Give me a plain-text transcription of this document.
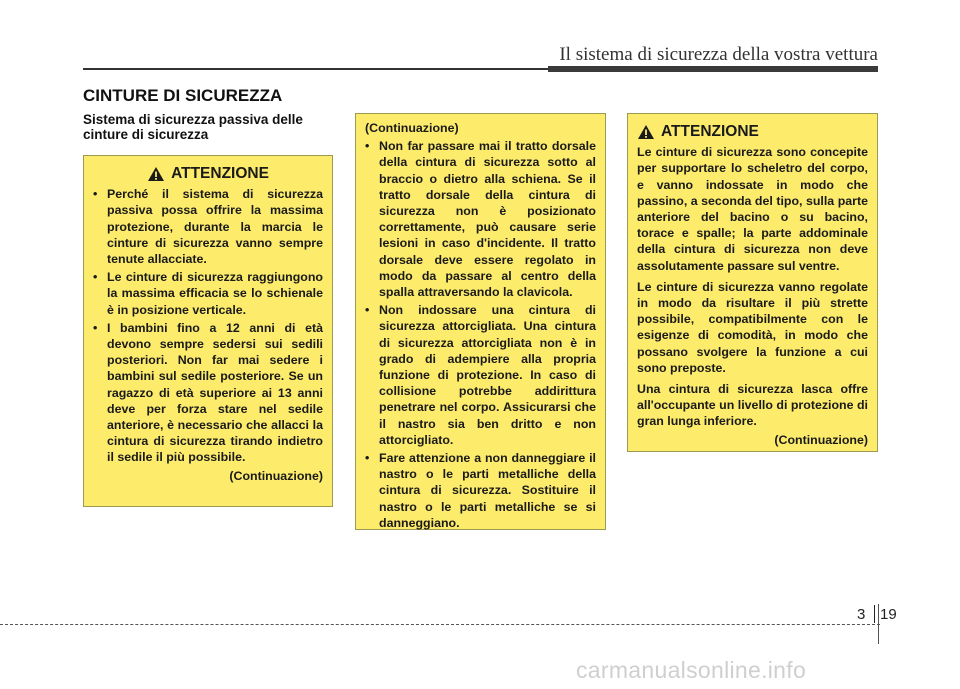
Il sistema di sicurezza della vostra vettura
CINTURE DI SICUREZZA
Sistema di sicurezza passiva delle cinture di sicurezza
ATTENZIONE
• Perché il sistema di sicurezza passiva possa offrire la massima protezione, durante la marcia le cinture di sicurezza vanno sempre tenute allacciate.
• Le cinture di sicurezza raggiungono la massima efficacia se lo schienale è in posizione verticale.
• I bambini fino a 12 anni di età devono sempre sedersi sui sedili posteriori. Non far mai sedere i bambini sul sedile posteriore. Se un ragazzo di età superiore ai 13 anni deve per forza stare nel sedile anteriore, è necessario che allacci la cintura di sicurezza tirando indietro il sedile il più possibile.

(Continuazione)

(Continuazione)

• Non far passare mai il tratto dorsale della cintura di sicurezza sotto al braccio o dietro alla schiena. Se il tratto dorsale della cintura di sicurezza non è posizionato correttamente, può causare serie lesioni in caso d'incidente. Il tratto dorsale deve essere regolato in modo da passare al centro della spalla attraversando la clavicola.
• Non indossare una cintura di sicurezza attorcigliata. Una cintura di sicurezza attorcigliata non è in grado di adempiere alla propria funzione di protezione. In caso di collisione potrebbe addirittura penetrare nel corpo. Assicurarsi che il nastro sia ben dritto e non attorcigliato.
• Fare attenzione a non danneggiare il nastro o le parti metalliche della cintura di sicurezza. Sostituire il nastro o le parti metalliche se si danneggiano.
ATTENZIONE

Le cinture di sicurezza sono concepite per supportare lo scheletro del corpo, e vanno indossate in modo che passino, a seconda del tipo, sulla parte anteriore del bacino o su bacino, torace e spalle; la parte addominale della cintura di sicurezza non deve assolutamente passare sul ventre.

Le cinture di sicurezza vanno regolate in modo da risultare il più strette possibile, compatibilmente con le esigenze di comodità, in modo che possano svolgere la funzione a cui sono preposte.

Una cintura di sicurezza lasca offre all'occupante un livello di protezione di gran lunga inferiore.

(Continuazione)

3 19
carmanualsonline.info
